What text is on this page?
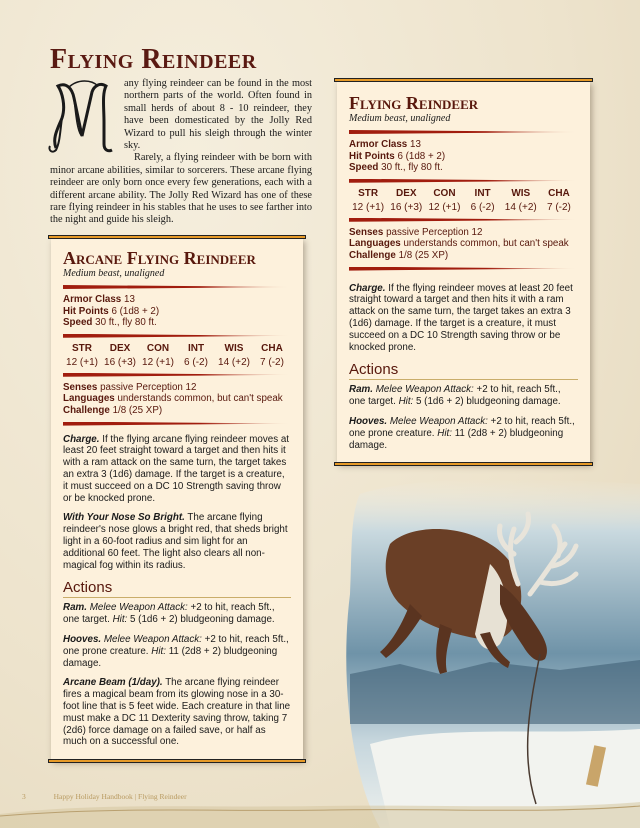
Flying Reindeer

any flying reindeer can be found in the most northern parts of the world. Often found in small herds of about 8 - 10 reindeer, they have been domesticated by the Jolly Red Wizard to pull his sleigh through the winter sky.

Rarely, a flying reindeer with be born with minor arcane abilities, similar to sorcerers. These arcane flying reindeer are only born once every few generations, each with a different arcane ability. The Jolly Red Wizard has one of these rare flying reindeer in his stables that he uses to see farther into the night and guide his sleigh.

Arcane Flying Reindeer

Medium beast, unaligned

Armor Class 13
Hit Points 6 (1d8 + 2)
Speed 30 ft., fly 80 ft.
STR
12 (+1)
DEX
16 (+3)
CON
12 (+1)
INT
6 (-2)
WIS
14 (+2)
CHA
7 (-2)
Senses passive Perception 12
Languages understands common, but can't speak
Challenge 1/8 (25 XP)

Charge. If the flying arcane flying reindeer moves at least 20 feet straight toward a target and then hits it with a ram attack on the same turn, the target takes an extra 3 (1d6) damage. If the target is a creature, it must succeed on a DC 10 Strength saving throw or be knocked prone.

With Your Nose So Bright. The arcane flying reindeer's nose glows a bright red, that sheds bright light in a 60-foot radius and sim light for an additional 60 feet. The light also clears all non-magical fog within its radius.

Actions

Ram. Melee Weapon Attack: +2 to hit, reach 5ft., one target. Hit: 5 (1d6 + 2) bludgeoning damage.

Hooves. Melee Weapon Attack: +2 to hit, reach 5ft., one prone creature. Hit: 11 (2d8 + 2) bludgeoning damage.

Arcane Beam (1/day). The arcane flying reindeer fires a magical beam from its glowing nose in a 30-foot line that is 5 feet wide. Each creature in that line must make a DC 11 Dexterity saving throw, taking 7 (2d6) force damage on a failed save, or half as much on a successful one.

Flying Reindeer

Medium beast, unaligned

Armor Class 13
Hit Points 6 (1d8 + 2)
Speed 30 ft., fly 80 ft.
STR
12 (+1)
DEX
16 (+3)
CON
12 (+1)
INT
6 (-2)
WIS
14 (+2)
CHA
7 (-2)
Senses passive Perception 12
Languages understands common, but can't speak
Challenge 1/8 (25 XP)

Charge. If the flying reindeer moves at least 20 feet straight toward a target and then hits it with a ram attack on the same turn, the target takes an extra 3 (1d6) damage. If the target is a creature, it must succeed on a DC 10 Strength saving throw or be knocked prone.

Actions

Ram. Melee Weapon Attack: +2 to hit, reach 5ft., one target. Hit: 5 (1d6 + 2) bludgeoning damage.

Hooves. Melee Weapon Attack: +2 to hit, reach 5ft., one prone creature. Hit: 11 (2d8 + 2) bludgeoning damage.

3	Happy Holiday Handbook | Flying Reindeer
